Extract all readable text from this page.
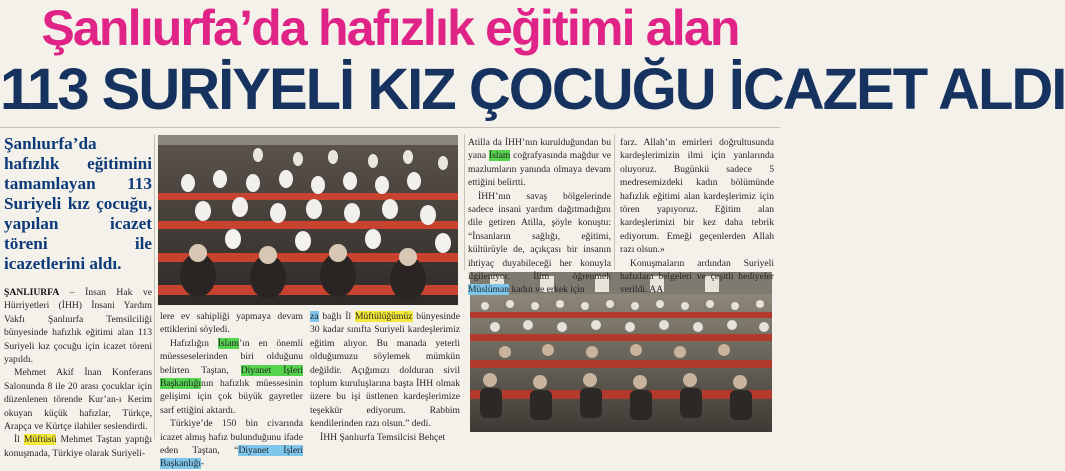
Şanlıurfa’da hafızlık eğitimi alan
113 SURİYELİ KIZ ÇOCUĞU İCAZET ALDI
Şanlıurfa’da hafızlık eğitimini tamamlayan 113 Suriyeli kız çocuğu, yapılan icazet töreni ile icazetlerini aldı.

ŞANLIURFA – İnsan Hak ve Hürriyetleri (İHH) İnsani Yardım Vakfı Şanlıurfa Temsilciliği bünyesinde hafızlık eğitimi alan 113 Suriyeli kız çocuğu için icazet töreni yapıldı.

Mehmet Akif İnan Konferans Salonunda 8 ile 20 arası çocuklar için düzenlenen törende Kur’an-ı Kerim okuyan küçük hafızlar, Türkçe, Arapça ve Kürtçe ilahiler seslendirdi.

İl Müftüsü Mehmet Taştan yaptığı konuşmada, Türkiye olarak Suriyeli-

lere ev sahipliği yapmaya devam ettiklerini söyledi.

Hafızlığın İslam’ın en önemli müesseselerinden biri olduğunu belirten Taştan, Diyanet İşleri Başkanlığının hafızlık müessesinin gelişimi için çok büyük gayretler sarf ettiğini aktardı.

Türkiye’de 150 bin civarında icazet almış hafız bulunduğunu ifade eden Taştan, “Diyanet İşleri Başkanlığı-

za bağlı İl Müftülüğümüz bünyesinde 30 kadar sınıfta Suriyeli kardeşlerimiz eğitim alıyor. Bu manada yeterli olduğumuzu söylemek mümkün değildir. Açığımızı dolduran sivil toplum kuruluşlarına başta İHH olmak üzere bu işi üstlenen kardeşlerimize teşekkür ediyorum. Rabbim kendilerinden razı olsun.” dedi.

İHH Şanlıurfa Temsilcisi Behçet

Atilla da İHH’nın kurulduğundan bu yana İslam coğrafyasında mağdur ve mazlumların yanında olmaya devam ettiğini belirtti.

İHH’nın savaş bölgelerinde sadece insani yardım dağıtmadığını dile getiren Atilla, şöyle konuştu: “İnsanların sağlığı, eğitimi, kültürüyle de, açıkçası bir insanın ihtiyaç duyabileceği her konuyla ilgileniyor. İlim öğrenmek Müslüman kadın ve erkek için

farz. Allah’ın emirleri doğrultusunda kardeşlerimizin ilmi için yanlarında oluyoruz. Bugünkü sadece 5 medresemizdeki kadın bölümünde hafızlık eğitimi alan kardeşlerimiz için tören yapıyoruz. Eğitim alan kardeşlerimizi bir kez daha tebrik ediyorum. Emeği geçenlerden Allah razı olsun.»

Konuşmaların ardından Suriyeli hafızlara belgeleri ve çeşitli hediyeler verildi. AA
